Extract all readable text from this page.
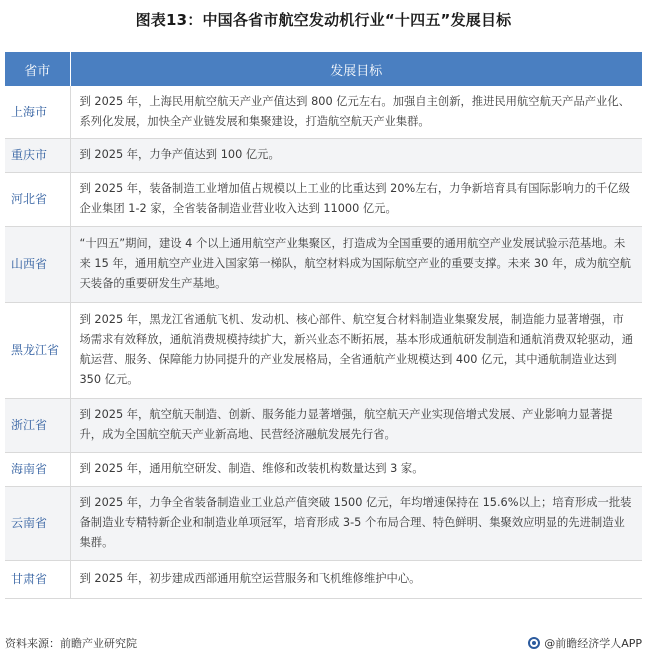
图表13：中国各省市航空发动机行业“十四五”发展目标
省市	发展目标
上海市	到 2025 年，上海民用航空航天产业产值达到 800 亿元左右。加强自主创新，推进民用航空航天产品产业化、系列化发展，加快全产业链发展和集聚建设，打造航空航天产业集群。
重庆市	到 2025 年，力争产值达到 100 亿元。
河北省	到 2025 年，装备制造工业增加值占规模以上工业的比重达到 20%左右，力争新培育具有国际影响力的千亿级企业集团 1-2 家，全省装备制造业营业收入达到 11000 亿元。
山西省	“十四五”期间，建设 4 个以上通用航空产业集聚区，打造成为全国重要的通用航空产业发展试验示范基地。未来 15 年，通用航空产业进入国家第一梯队，航空材料成为国际航空产业的重要支撑。未来 30 年，成为航空航天装备的重要研发生产基地。
黑龙江省	到 2025 年，黑龙江省通航飞机、发动机、核心部件、航空复合材料制造业集聚发展，制造能力显著增强，市场需求有效释放，通航消费规模持续扩大，新兴业态不断拓展，基本形成通航研发制造和通航消费双轮驱动，通航运营、服务、保障能力协同提升的产业发展格局，全省通航产业规模达到 400 亿元，其中通航制造业达到 350 亿元。
浙江省	到 2025 年，航空航天制造、创新、服务能力显著增强，航空航天产业实现倍增式发展、产业影响力显著提升，成为全国航空航天产业新高地、民营经济融航发展先行省。
海南省	到 2025 年，通用航空研发、制造、维修和改装机构数量达到 3 家。
云南省	到 2025 年，力争全省装备制造业工业总产值突破 1500 亿元，年均增速保持在 15.6%以上；培育形成一批装备制造业专精特新企业和制造业单项冠军，培育形成 3-5 个布局合理、特色鲜明、集聚效应明显的先进制造业集群。
甘肃省	到 2025 年，初步建成西部通用航空运营服务和飞机维修维护中心。
资料来源：前瞻产业研究院	@前瞻经济学人APP
